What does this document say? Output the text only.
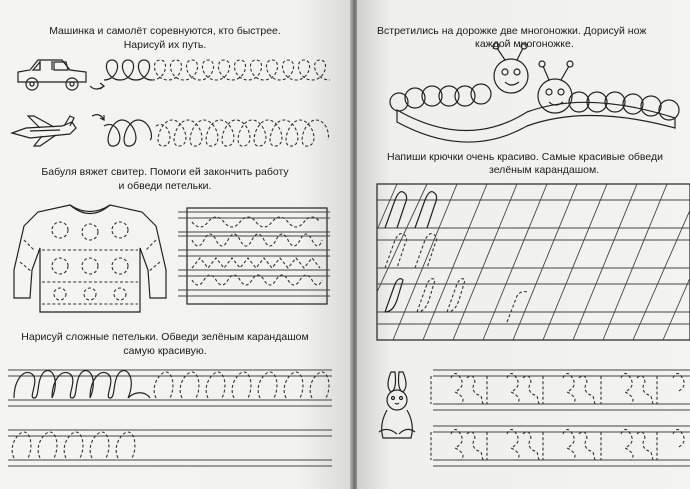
Машинка и самолёт соревнуются, кто быстрее.
Нарисуй их путь.
Бабуля вяжет свитер. Помоги ей закончить работу
и обведи петельки.
Нарисуй сложные петельки. Обведи зелёным карандашом
самую красивую.
Встретились на дорожке две многоножки. Дорисуй нож
каждой многоножке.
Напиши крючки очень красиво. Самые красивые обведи
зелёным карандашом.
